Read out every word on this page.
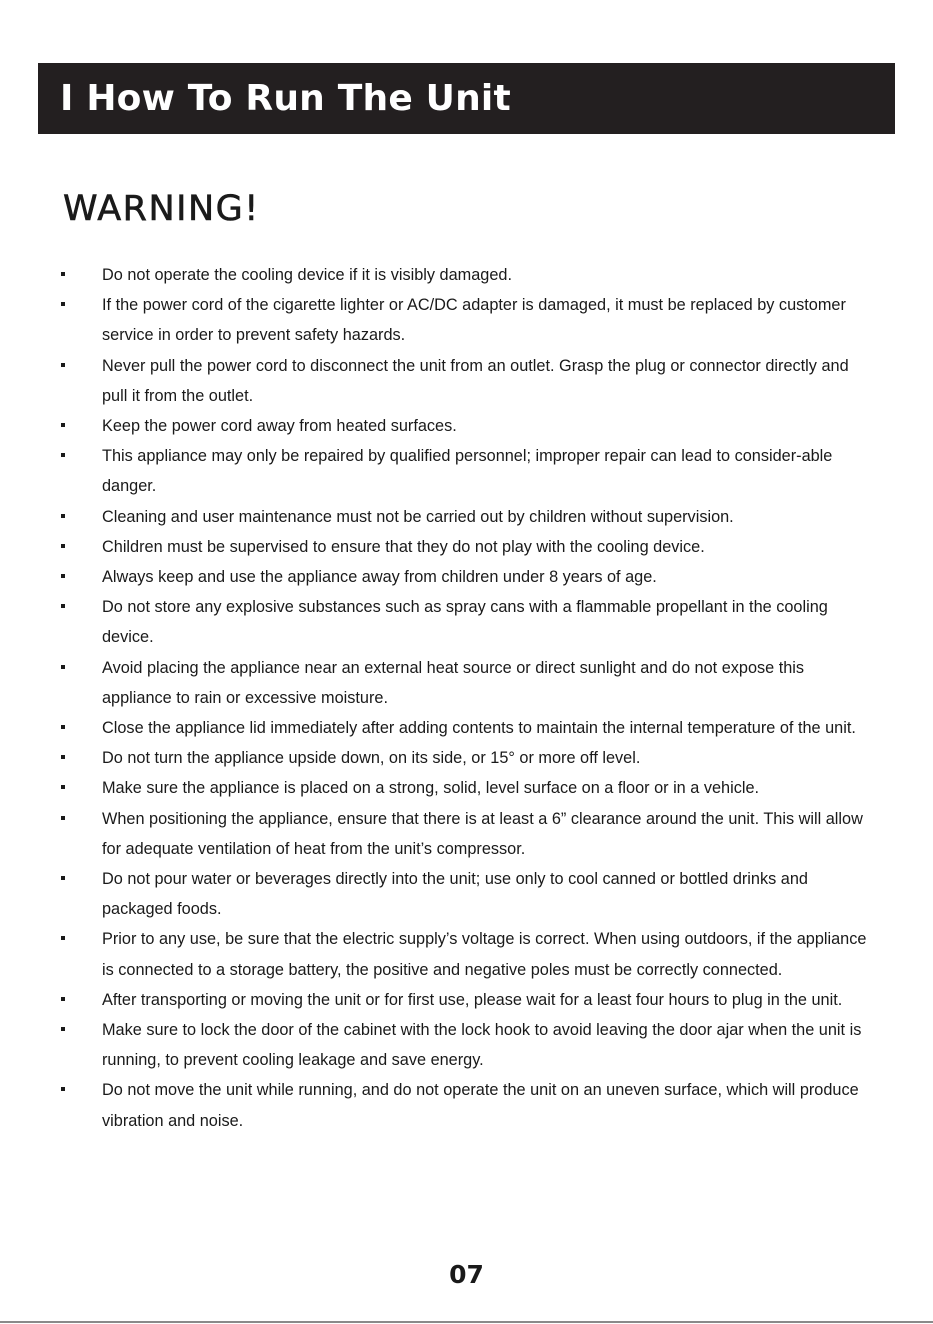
I How To Run The Unit
WARNING!
Do not operate the cooling device if it is visibly damaged.
If the power cord of the cigarette lighter or AC/DC adapter is damaged, it must be replaced by customer service in order to prevent safety hazards.
Never pull the power cord to disconnect the unit from an outlet. Grasp the plug or connector directly and pull it from the outlet.
Keep the power cord away from heated surfaces.
This appliance may only be repaired by qualified personnel; improper repair can lead to consider-able danger.
Cleaning and user maintenance must not be carried out by children without supervision.
Children must be supervised to ensure that they do not play with the cooling device.
Always keep and use the appliance away from children under 8 years of age.
Do not store any explosive substances such as spray cans with a flammable propellant in the cooling device.
Avoid placing the appliance near an external heat source or direct sunlight and do not expose this appliance to rain or excessive moisture.
Close the appliance lid immediately after adding contents to maintain the internal temperature of the unit.
Do not turn the appliance upside down, on its side, or 15° or more off level.
Make sure the appliance is placed on a strong, solid, level surface on a floor or in a vehicle.
When positioning the appliance, ensure that there is at least a 6” clearance around the unit. This will allow for adequate ventilation of heat from the unit’s compressor.
Do not pour water or beverages directly into the unit; use only to cool canned or bottled drinks and packaged foods.
Prior to any use, be sure that the electric supply’s voltage is correct. When using outdoors, if the appliance is connected to a storage battery, the positive and negative poles must be correctly connected.
After transporting or moving the unit or for first use, please wait for a least four hours to plug in the unit.
Make sure to lock the door of the cabinet with the lock hook to avoid leaving the door ajar when the unit is running, to prevent cooling leakage and save energy.
Do not move the unit while running, and do not operate the unit on an uneven surface, which will produce vibration and noise.
07
